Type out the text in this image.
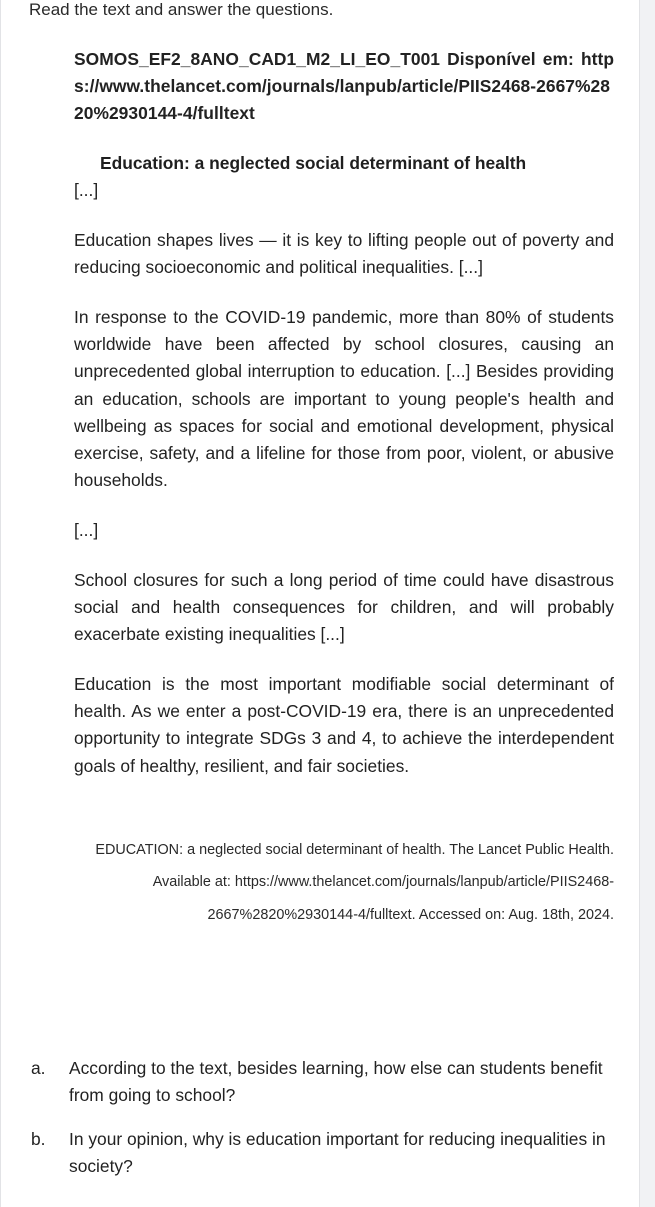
Read the text and answer the questions.
SOMOS_EF2_8ANO_CAD1_M2_LI_EO_T001 Disponível em: https://www.thelancet.com/journals/lanpub/article/PIIS2468-2667%2820%2930144-4/fulltext
Education: a neglected social determinant of health
[...]
Education shapes lives — it is key to lifting people out of poverty and reducing socioeconomic and political inequalities. [...]
In response to the COVID-19 pandemic, more than 80% of students worldwide have been affected by school closures, causing an unprecedented global interruption to education. [...] Besides providing an education, schools are important to young people's health and wellbeing as spaces for social and emotional development, physical exercise, safety, and a lifeline for those from poor, violent, or abusive households.
[...]
School closures for such a long period of time could have disastrous social and health consequences for children, and will probably exacerbate existing inequalities [...]
Education is the most important modifiable social determinant of health. As we enter a post-COVID-19 era, there is an unprecedented opportunity to integrate SDGs 3 and 4, to achieve the interdependent goals of healthy, resilient, and fair societies.
EDUCATION: a neglected social determinant of health. The Lancet Public Health. Available at: https://www.thelancet.com/journals/lanpub/article/PIIS2468-2667%2820%2930144-4/fulltext. Accessed on: Aug. 18th, 2024.
a. According to the text, besides learning, how else can students benefit from going to school?
b. In your opinion, why is education important for reducing inequalities in society?
